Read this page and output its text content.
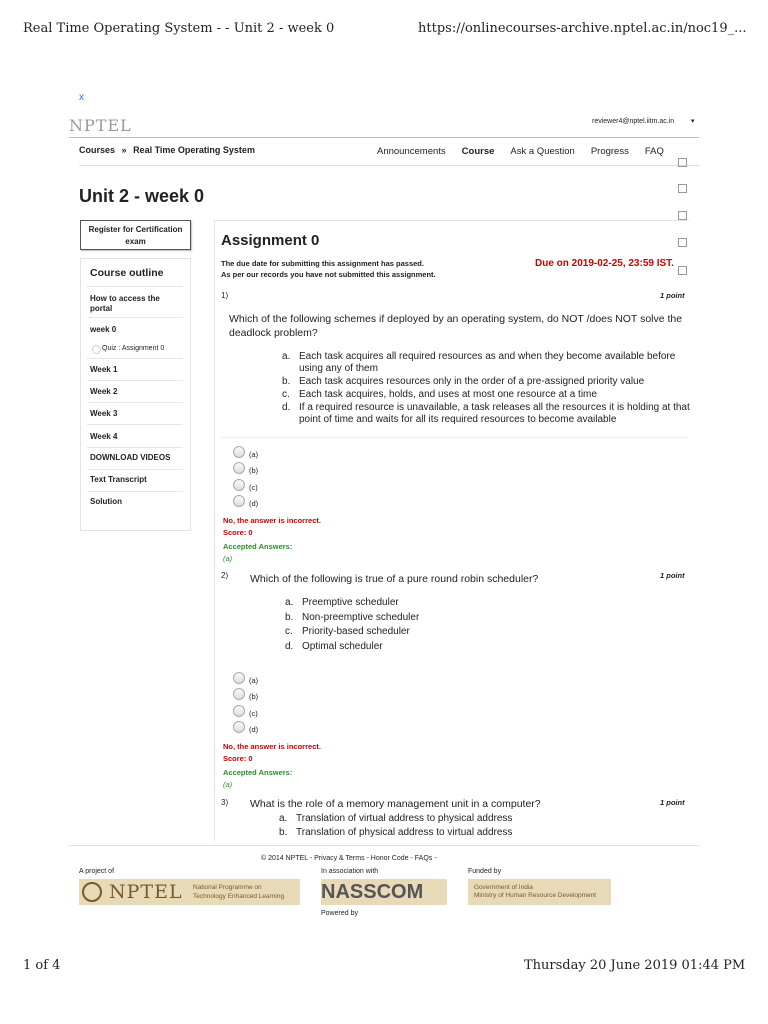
Real Time Operating System - - Unit 2 - week 0	https://onlinecourses-archive.nptel.ac.in/noc19_...
1 of 4	Thursday 20 June 2019 01:44 PM
x
NPTEL	reviewer4@nptel.iitm.ac.in ▾
Courses » Real Time Operating System	Announcements Course Ask a Question Progress FAQ
Unit 2 - week 0
Register for Certification exam
Course outline
How to access the portal
week 0
Quiz : Assignment 0
Week 1
Week 2
Week 3
Week 4
DOWNLOAD VIDEOS
Text Transcript
Solution
Assignment 0
The due date for submitting this assignment has passed.
As per our records you have not submitted this assignment.
Due on 2019-02-25, 23:59 IST.
1)	1 point
Which of the following schemes if deployed by an operating system, do NOT /does NOT solve the
deadlock problem?
a. Each task acquires all required resources as and when they become available before
using any of them
b. Each task acquires resources only in the order of a pre-assigned priority value
c. Each task acquires, holds, and uses at most one resource at a time
d. If a required resource is unavailable, a task releases all the resources it is holding at that
point of time and waits for all its required resources to become available
(a)
(b)
(c)
(d)
No, the answer is incorrect.
Score: 0
Accepted Answers:
(a)
2)	1 point
Which of the following is true of a pure round robin scheduler?
a. Preemptive scheduler
b. Non-preemptive scheduler
c. Priority-based scheduler
d. Optimal scheduler
(a)
(b)
(c)
(d)
No, the answer is incorrect.
Score: 0
Accepted Answers:
(a)
3)	1 point
What is the role of a memory management unit in a computer?
a. Translation of virtual address to physical address
b. Translation of physical address to virtual address
© 2014 NPTEL - Privacy & Terms - Honor Code - FAQs -
A project of	In association with	Funded by
NPTEL National Programme on
Technology Enhanced Learning NASSCOM	Government of India
Ministry of Human Resource Development
Powered by
